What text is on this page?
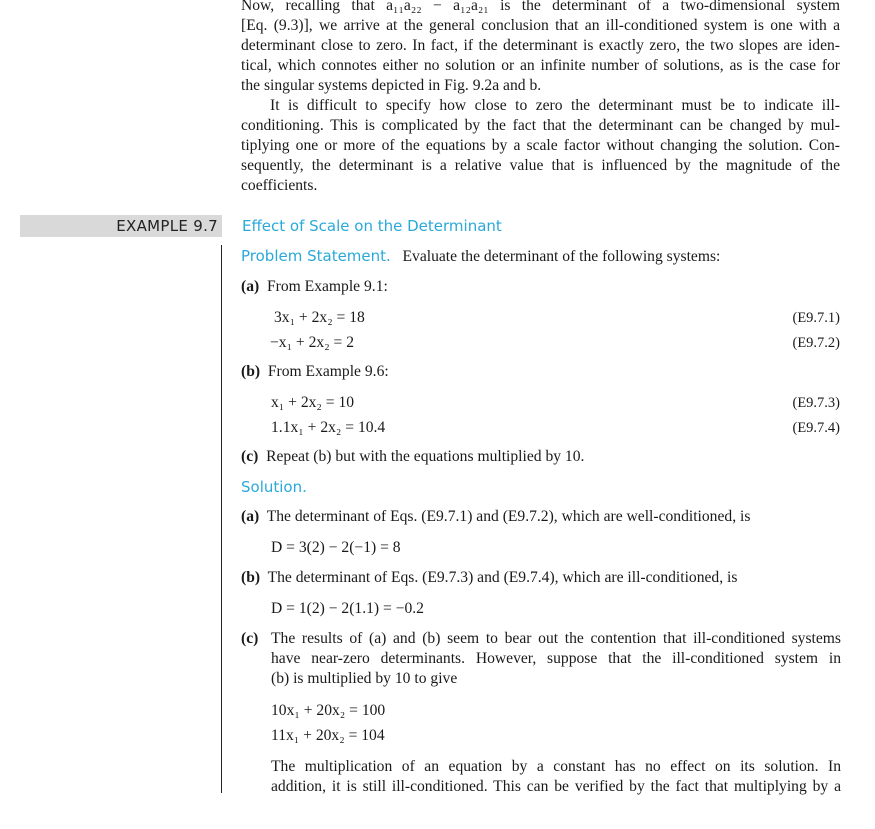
Now, recalling that a₁₁a₂₂ − a₁₂a₂₁ is the determinant of a two-dimensional system
[Eq. (9.3)], we arrive at the general conclusion that an ill-conditioned system is one with a
determinant close to zero. In fact, if the determinant is exactly zero, the two slopes are iden-
tical, which connotes either no solution or an infinite number of solutions, as is the case for
the singular systems depicted in Fig. 9.2a and b.
It is difficult to specify how close to zero the determinant must be to indicate ill-
conditioning. This is complicated by the fact that the determinant can be changed by mul-
tiplying one or more of the equations by a scale factor without changing the solution. Con-
sequently, the determinant is a relative value that is influenced by the magnitude of the
coefficients.
EXAMPLE 9.7 Effect of Scale on the Determinant
Problem Statement. Evaluate the determinant of the following systems:
(a) From Example 9.1:
3x₁ + 2x₂ = 18	(E9.7.1)
−x₁ + 2x₂ = 2	(E9.7.2)
(b) From Example 9.6:
x₁ + 2x₂ = 10	(E9.7.3)
1.1x₁ + 2x₂ = 10.4	(E9.7.4)
(c) Repeat (b) but with the equations multiplied by 10.
Solution.
(a) The determinant of Eqs. (E9.7.1) and (E9.7.2), which are well-conditioned, is
D = 3(2) − 2(−1) = 8
(b) The determinant of Eqs. (E9.7.3) and (E9.7.4), which are ill-conditioned, is
D = 1(2) − 2(1.1) = −0.2
(c) The results of (a) and (b) seem to bear out the contention that ill-conditioned systems
have near-zero determinants. However, suppose that the ill-conditioned system in
(b) is multiplied by 10 to give
10x₁ + 20x₂ = 100
11x₁ + 20x₂ = 104
The multiplication of an equation by a constant has no effect on its solution. In
addition, it is still ill-conditioned. This can be verified by the fact that multiplying by a
